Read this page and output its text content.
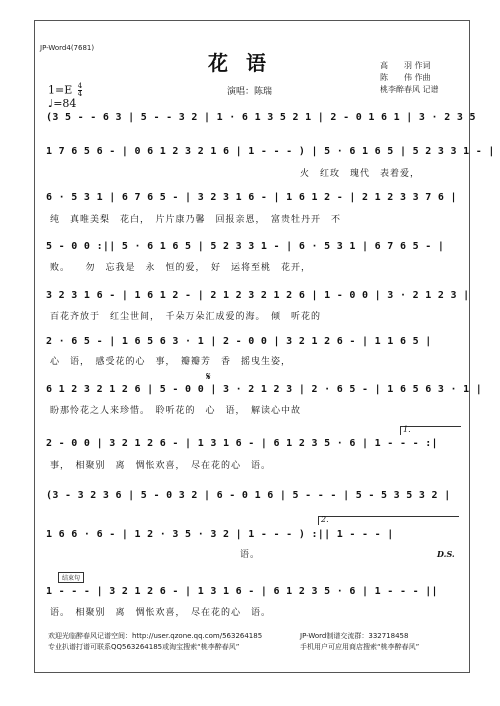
JP-Word4(7681)
花语	高　　羽 作词
陈　　伟 作曲
桃李醉春风 记谱
$1=E \frac{4}{4}$
♩=84
演唱：陈瑞
(3 5 - - 6 3 | 5 - - 3 2 | 1 · 6 1 3 5 2 1 | 2 - 0 1 6 1 | 3 · 2 3 5
1 7 6 5 6 - | 0 6 1 2 3 2 1 6 | 1 - - - ) | 5 · 6 1 6 5 | 5 2 3 3 1 - |
火　红玫　瑰代　表着爱，
6 · 5 3 1 | 6 7 6 5 - | 3 2 3 1 6 - | 1 6 1 2 - | 2 1 2 3 3 7 6 |
纯　真唯美梨　花白，　片片康乃馨　回报亲恩，　富贵牡丹开　不
5 - 0 0 :|| 5 · 6 1 6 5 | 5 2 3 3 1 - | 6 · 5 3 1 | 6 7 6 5 - |
败。　　勿　忘我是　永　恒的爱，　好　运将至桃　花开，
3 2 3 1 6 - | 1 6 1 2 - | 2 1 2 3 2 1 2 6 | 1 - 0 0 | 3 · 2 1 2 3 |
百花齐放于　红尘世间，　千朵万朵汇成爱的海。　倾　听花的
2 · 6 5 - | 1 6 5 6 3 · 1 | 2 - 0 0 | 3 2 1 2 6 - | 1 1 6 5 |
心　语，　感受花的心　事，　瓣瓣芳　香　摇曳生姿，
𝄋
6 1 2 3 2 1 2 6 | 5 - 0 0 | 3 · 2 1 2 3 | 2 · 6 5 - | 1 6 5 6 3 · 1 |
盼那怜花之人来珍惜。　聆听花的　心　语，　解读心中故
1.
2 - 0 0 | 3 2 1 2 6 - | 1 3 1 6 - | 6 1 2 3 5 · 6 | 1 - - - :|
事，　相聚别　离　惆怅欢喜，　尽在花的心　语。
(3 - 3 2 3 6 | 5 - 0 3 2 | 6 - 0 1 6 | 5 - - - | 5 - 5 3 5 3 2 |
2.
1 6 6 · 6 - | 1 2 · 3 5 · 3 2 | 1 - - - ) :|| 1 - - - |
　　　　　　　　　　　　　　　　　　　语。	D.S.
结束句
1 - - - | 3 2 1 2 6 - | 1 3 1 6 - | 6 1 2 3 5 · 6 | 1 - - - ||
语。　相聚别　离　惆怅欢喜，　尽在花的心　语。
欢迎光临醉春风记谱空间：http://user.qzone.qq.com/563264185
专业扒谱打谱可联系QQ563264185或淘宝搜索“桃李醉春风”
JP-Word制谱交流群：332718458
手机用户可应用商店搜索“桃李醉春风”
